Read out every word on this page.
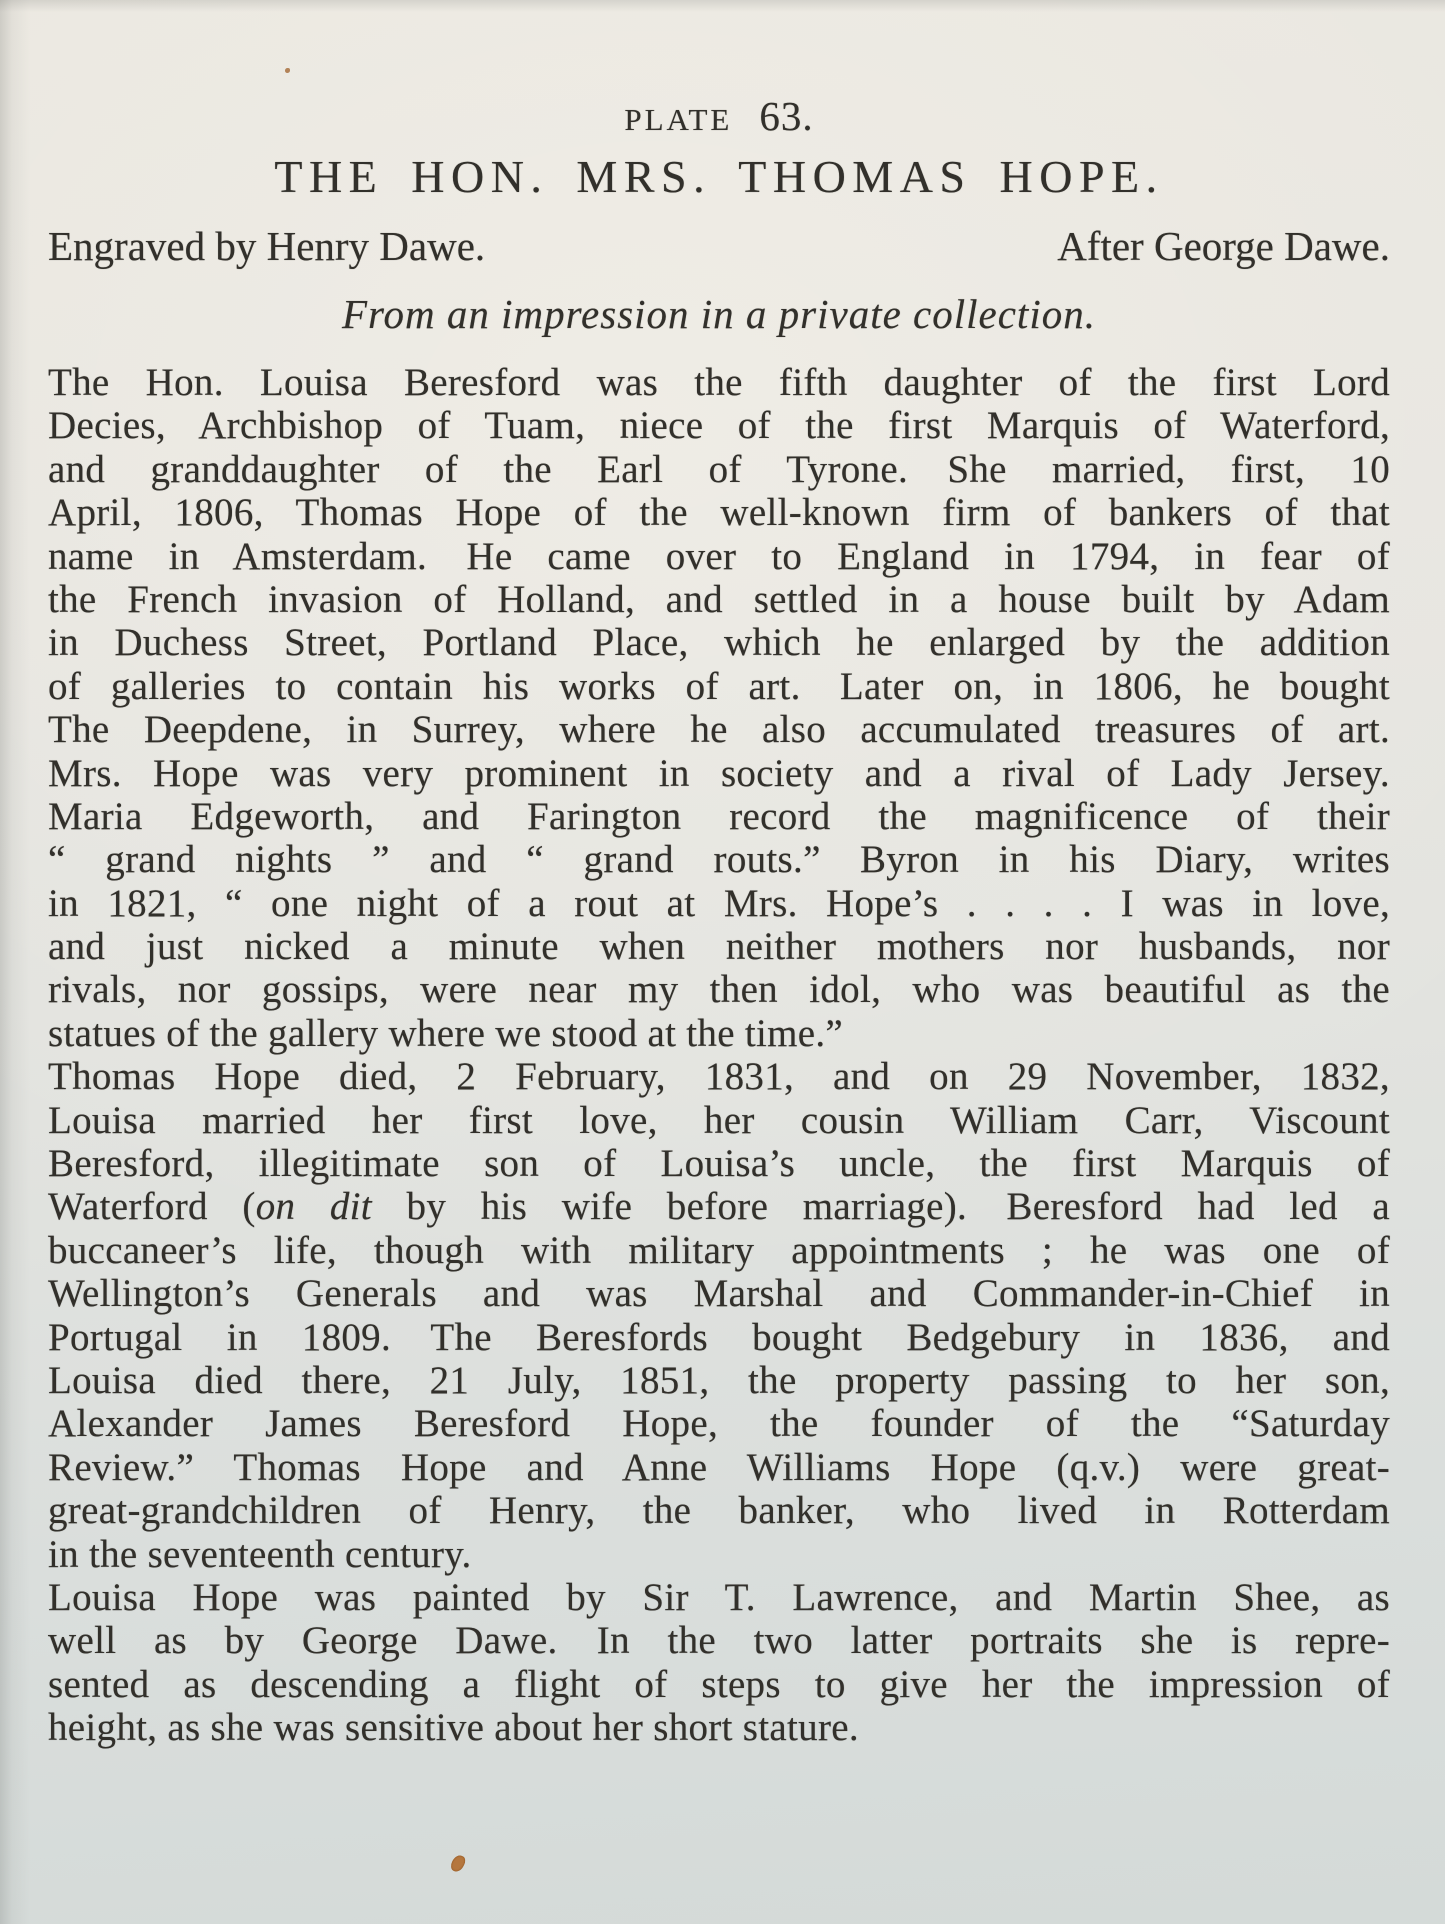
PLATE   63.
THE HON. MRS. THOMAS HOPE.
Engraved by Henry Dawe.	After George Dawe.
From an impression in a private collection.
The Hon. Louisa Beresford was the fifth daughter of the first Lord
Decies, Archbishop of Tuam, niece of the first Marquis of Waterford,
and granddaughter of the Earl of Tyrone. She married, first, 10
April, 1806, Thomas Hope of the well-known firm of bankers of that
name in Amsterdam. He came over to England in 1794, in fear of
the French invasion of Holland, and settled in a house built by Adam
in Duchess Street, Portland Place, which he enlarged by the addition
of galleries to contain his works of art. Later on, in 1806, he bought
The Deepdene, in Surrey, where he also accumulated treasures of art.
Mrs. Hope was very prominent in society and a rival of Lady Jersey.
Maria Edgeworth, and Farington record the magnificence of their
“ grand nights ” and “ grand routs.” Byron in his Diary, writes
in 1821, “ one night of a rout at Mrs. Hope’s . . . . I was in love,
and just nicked a minute when neither mothers nor husbands, nor
rivals, nor gossips, were near my then idol, who was beautiful as the
statues of the gallery where we stood at the time.”
Thomas Hope died, 2 February, 1831, and on 29 November, 1832,
Louisa married her first love, her cousin William Carr, Viscount
Beresford, illegitimate son of Louisa’s uncle, the first Marquis of
Waterford (on dit by his wife before marriage). Beresford had led a
buccaneer’s life, though with military appointments ; he was one of
Wellington’s Generals and was Marshal and Commander-in-Chief in
Portugal in 1809. The Beresfords bought Bedgebury in 1836, and
Louisa died there, 21 July, 1851, the property passing to her son,
Alexander James Beresford Hope, the founder of the “Saturday
Review.” Thomas Hope and Anne Williams Hope (q.v.) were great-
great-grandchildren of Henry, the banker, who lived in Rotterdam
in the seventeenth century.
Louisa Hope was painted by Sir T. Lawrence, and Martin Shee, as
well as by George Dawe. In the two latter portraits she is repre-
sented as descending a flight of steps to give her the impression of
height, as she was sensitive about her short stature.
